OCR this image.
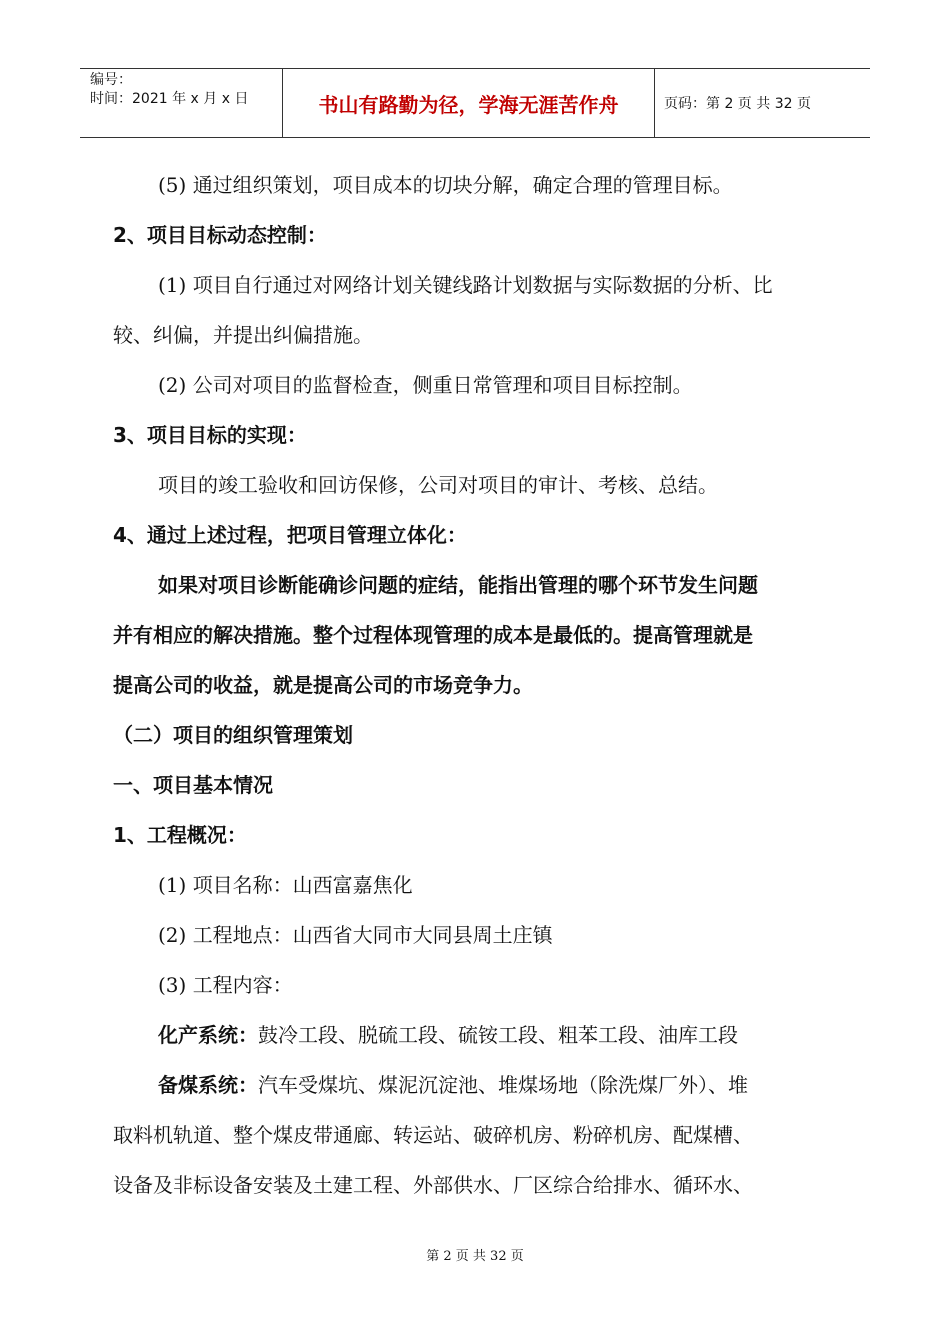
编号：
时间：2021 年 x 月 x 日	书山有路勤为径，学海无涯苦作舟	页码：第 2 页 共 32 页
(5) 通过组织策划，项目成本的切块分解，确定合理的管理目标。
2、项目目标动态控制：
(1) 项目自行通过对网络计划关键线路计划数据与实际数据的分析、比
较、纠偏，并提出纠偏措施。
(2) 公司对项目的监督检查，侧重日常管理和项目目标控制。
3、项目目标的实现：
项目的竣工验收和回访保修，公司对项目的审计、考核、总结。
4、通过上述过程，把项目管理立体化：
如果对项目诊断能确诊问题的症结，能指出管理的哪个环节发生问题
并有相应的解决措施。整个过程体现管理的成本是最低的。提高管理就是
提高公司的收益，就是提高公司的市场竞争力。
（二）项目的组织管理策划
一、项目基本情况
1、工程概况：
(1) 项目名称：山西富嘉焦化
(2) 工程地点：山西省大同市大同县周土庄镇
(3) 工程内容：
化产系统：鼓冷工段、脱硫工段、硫铵工段、粗苯工段、油库工段
备煤系统：汽车受煤坑、煤泥沉淀池、堆煤场地（除洗煤厂外）、堆
取料机轨道、整个煤皮带通廊、转运站、破碎机房、粉碎机房、配煤槽、
设备及非标设备安装及土建工程、外部供水、厂区综合给排水、循环水、
第 2 页 共 32 页
